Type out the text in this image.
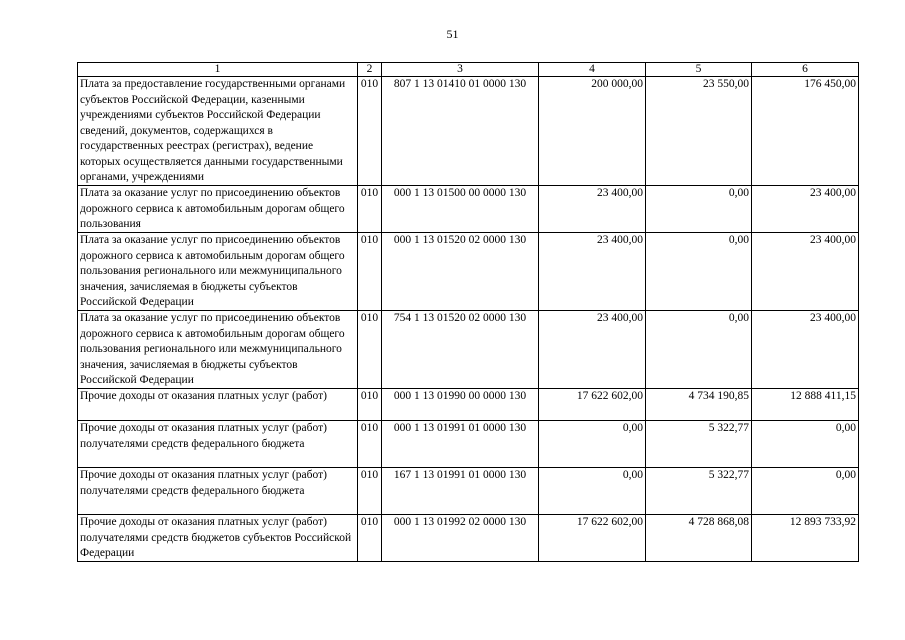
51
1	2	3	4	5	6

Плата за предоставление государственными органами субъектов Российской Федерации, казенными учреждениями субъектов Российской Федерации сведений, документов, содержащихся в государственных реестрах (регистрах), ведение которых осуществляется данными государственными органами, учреждениями	010	807 1 13 01410 01 0000 130	200 000,00	23 550,00	176 450,00

Плата за оказание услуг по присоединению объектов дорожного сервиса к автомобильным дорогам общего пользования	010	000 1 13 01500 00 0000 130	23 400,00	0,00	23 400,00

Плата за оказание услуг по присоединению объектов дорожного сервиса к автомобильным дорогам общего пользования регионального или межмуниципального значения, зачисляемая в бюджеты субъектов Российской Федерации	010	000 1 13 01520 02 0000 130	23 400,00	0,00	23 400,00

Плата за оказание услуг по присоединению объектов дорожного сервиса к автомобильным дорогам общего пользования регионального или межмуниципального значения, зачисляемая в бюджеты субъектов Российской Федерации	010	754 1 13 01520 02 0000 130	23 400,00	0,00	23 400,00

Прочие доходы от оказания платных услуг (работ)	010	000 1 13 01990 00 0000 130	17 622 602,00	4 734 190,85	12 888 411,15

Прочие доходы от оказания платных услуг (работ) получателями средств федерального бюджета	010	000 1 13 01991 01 0000 130	0,00	5 322,77	0,00

Прочие доходы от оказания платных услуг (работ) получателями средств федерального бюджета	010	167 1 13 01991 01 0000 130	0,00	5 322,77	0,00

Прочие доходы от оказания платных услуг (работ) получателями средств бюджетов субъектов Российской Федерации	010	000 1 13 01992 02 0000 130	17 622 602,00	4 728 868,08	12 893 733,92
